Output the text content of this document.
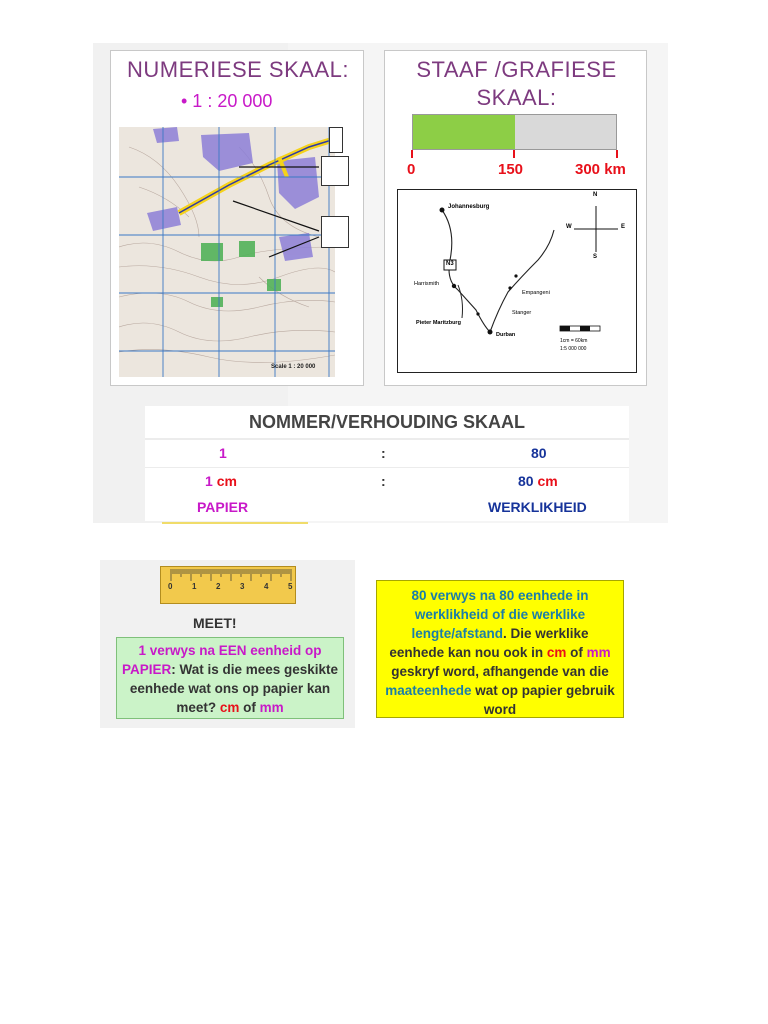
NUMERIESE SKAAL:
• 1 : 20 000
Scale 1 : 20 000
STAAF /GRAFIESE
SKAAL:
0	150	300 km
Johannesburg
N3
Harrismith
Empangeni
Stanger
Pieter Maritzburg
Durban
N
S
E
W
1cm = 60km
1:5 000 000
NOMMER/VERHOUDING SKAAL
1	:	80
1 cm	:	80 cm
PAPIER	WERKLIKHEID
0 1 2 3 4 5
MEET!
1 verwys na EEN eenheid op PAPIER: Wat is die mees geskikte eenhede wat ons op papier kan meet? cm of mm
80 verwys na 80 eenhede in werklikheid of die werklike lengte/afstand. Die werklike eenhede kan nou ook in cm of mm geskryf word, afhangende van die maateenhede wat op papier gebruik word
